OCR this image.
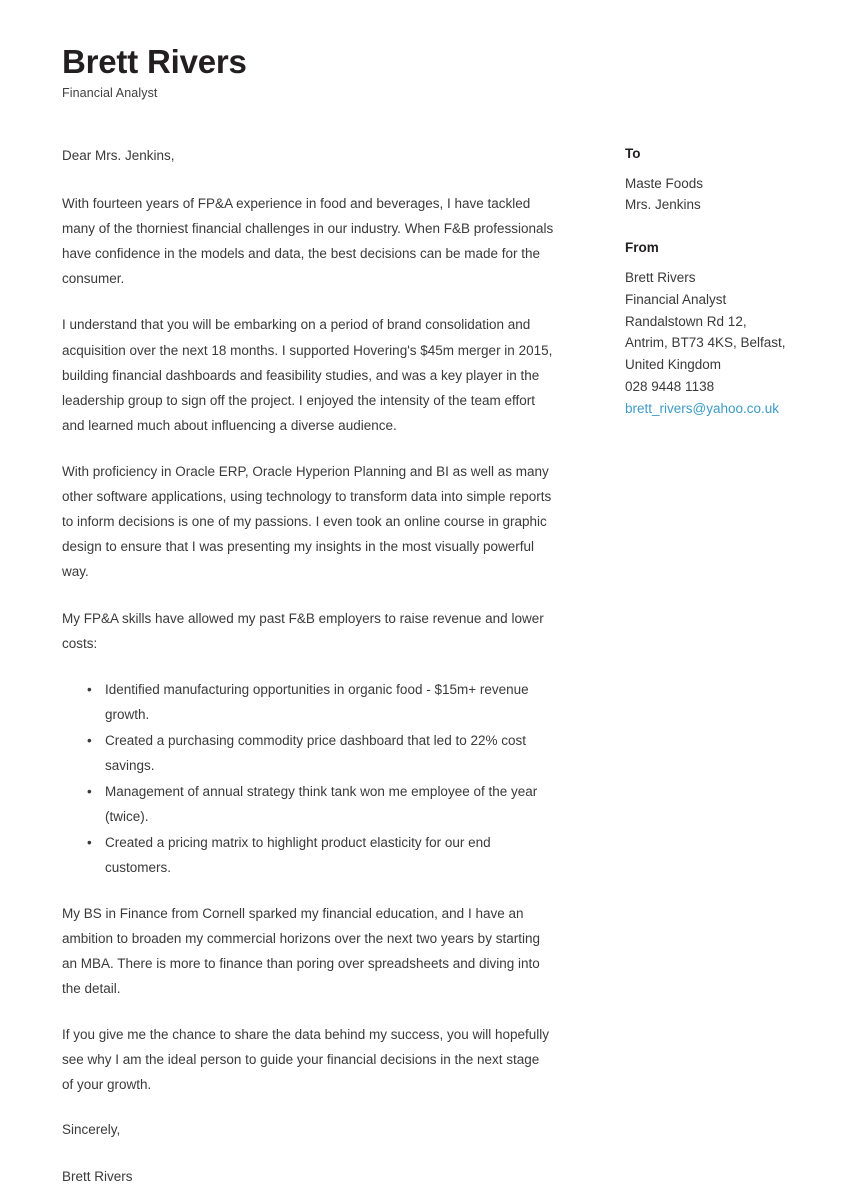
Brett Rivers
Financial Analyst

Dear Mrs. Jenkins,

With fourteen years of FP&A experience in food and beverages, I have tackled many of the thorniest financial challenges in our industry. When F&B professionals have confidence in the models and data, the best decisions can be made for the consumer.

I understand that you will be embarking on a period of brand consolidation and acquisition over the next 18 months. I supported Hovering's $45m merger in 2015, building financial dashboards and feasibility studies, and was a key player in the leadership group to sign off the project. I enjoyed the intensity of the team effort and learned much about influencing a diverse audience.

With proficiency in Oracle ERP, Oracle Hyperion Planning and BI as well as many other software applications, using technology to transform data into simple reports to inform decisions is one of my passions. I even took an online course in graphic design to ensure that I was presenting my insights in the most visually powerful way.

My FP&A skills have allowed my past F&B employers to raise revenue and lower costs:

• Identified manufacturing opportunities in organic food - $15m+ revenue growth.
• Created a purchasing commodity price dashboard that led to 22% cost savings.
• Management of annual strategy think tank won me employee of the year (twice).
• Created a pricing matrix to highlight product elasticity for our end customers.

My BS in Finance from Cornell sparked my financial education, and I have an ambition to broaden my commercial horizons over the next two years by starting an MBA. There is more to finance than poring over spreadsheets and diving into the detail.

If you give me the chance to share the data behind my success, you will hopefully see why I am the ideal person to guide your financial decisions in the next stage of your growth.

Sincerely,

Brett Rivers

To
Maste Foods
Mrs. Jenkins
From
Brett Rivers
Financial Analyst
Randalstown Rd 12,
Antrim, BT73 4KS, Belfast,
United Kingdom
028 9448 1138
brett_rivers@yahoo.co.uk
